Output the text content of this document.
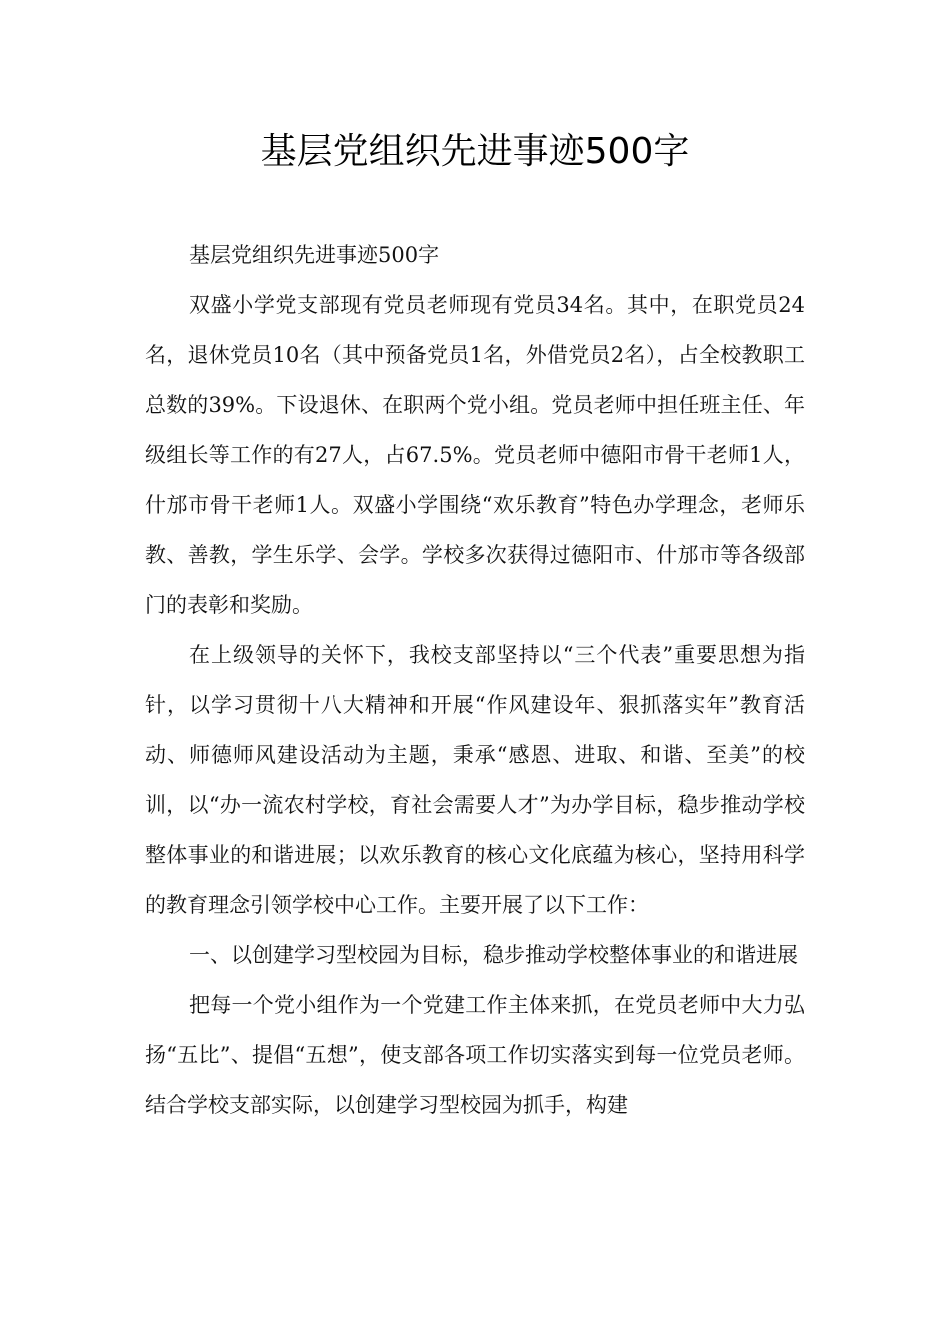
基层党组织先进事迹500字

基层党组织先进事迹500字

双盛小学党支部现有党员老师现有党员34名。其中，在职党员24名，退休党员10名（其中预备党员1名，外借党员2名），占全校教职工总数的39%。下设退休、在职两个党小组。党员老师中担任班主任、年级组长等工作的有27人，占67.5%。党员老师中德阳市骨干老师1人，什邡市骨干老师1人。双盛小学围绕“欢乐教育”特色办学理念，老师乐教、善教，学生乐学、会学。学校多次获得过德阳市、什邡市等各级部门的表彰和奖励。

在上级领导的关怀下，我校支部坚持以“三个代表”重要思想为指针，以学习贯彻十八大精神和开展“作风建设年、狠抓落实年”教育活动、师德师风建设活动为主题，秉承“感恩、进取、和谐、至美”的校训，以“办一流农村学校，育社会需要人才”为办学目标，稳步推动学校整体事业的和谐进展；以欢乐教育的核心文化底蕴为核心，坚持用科学的教育理念引领学校中心工作。主要开展了以下工作：

一、以创建学习型校园为目标，稳步推动学校整体事业的和谐进展

把每一个党小组作为一个党建工作主体来抓，在党员老师中大力弘扬“五比”、提倡“五想”，使支部各项工作切实落实到每一位党员老师。结合学校支部实际，以创建学习型校园为抓手，构建
